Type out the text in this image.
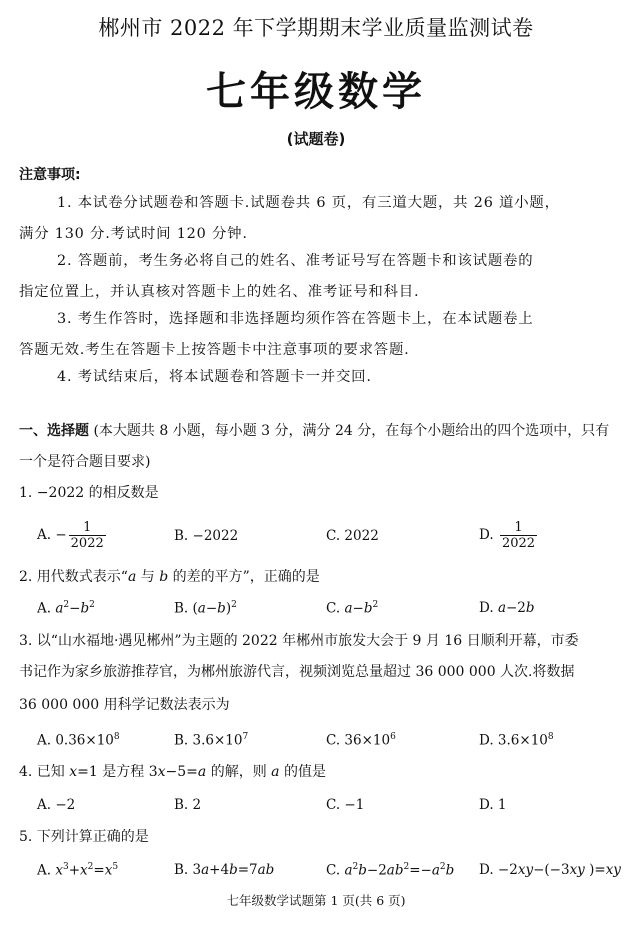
郴州市 2022 年下学期期末学业质量监测试卷
七年级数学
(试题卷)
注意事项:
1. 本试卷分试题卷和答题卡.试题卷共 6 页，有三道大题，共 26 道小题，
满分 130 分.考试时间 120 分钟.
2. 答题前，考生务必将自己的姓名、准考证号写在答题卡和该试题卷的
指定位置上，并认真核对答题卡上的姓名、准考证号和科目.
3. 考生作答时，选择题和非选择题均须作答在答题卡上，在本试题卷上
答题无效.考生在答题卡上按答题卡中注意事项的要求答题.
4. 考试结束后，将本试题卷和答题卡一并交回.
一、选择题 (本大题共 8 小题，每小题 3 分，满分 24 分，在每个小题给出的四个选项中，只有一个是符合题目要求)
1. −2022 的相反数是
A. − $\frac{1}{2022}$	B. −2022	C. 2022	D. $\frac{1}{2022}$
2. 用代数式表示“a 与 b 的差的平方”，正确的是
A. $a^2-b^2$	B. $(a-b)^2$	C. $a-b^2$	D. a−2b
3. 以“山水福地·遇见郴州”为主题的 2022 年郴州市旅发大会于 9 月 16 日顺利开幕，市委
书记作为家乡旅游推荐官，为郴州旅游代言，视频浏览总量超过 36 000 000 人次.将数据
36 000 000 用科学记数法表示为
A. $0.36\times 10^8$	B. $3.6\times 10^7$	C. $36\times 10^6$	D. $3.6\times 10^8$
4. 已知 x=1 是方程 3x−5=a 的解，则 a 的值是
A. −2	B. 2	C. −1	D. 1
5. 下列计算正确的是
A. $x^3+x^2=x^5$	B. 3a+4b=7ab	C. $a^2b-2ab^2=-a^2b$ D. −2xy−(−3xy )=xy
七年级数学试题第 1 页(共 6 页)
